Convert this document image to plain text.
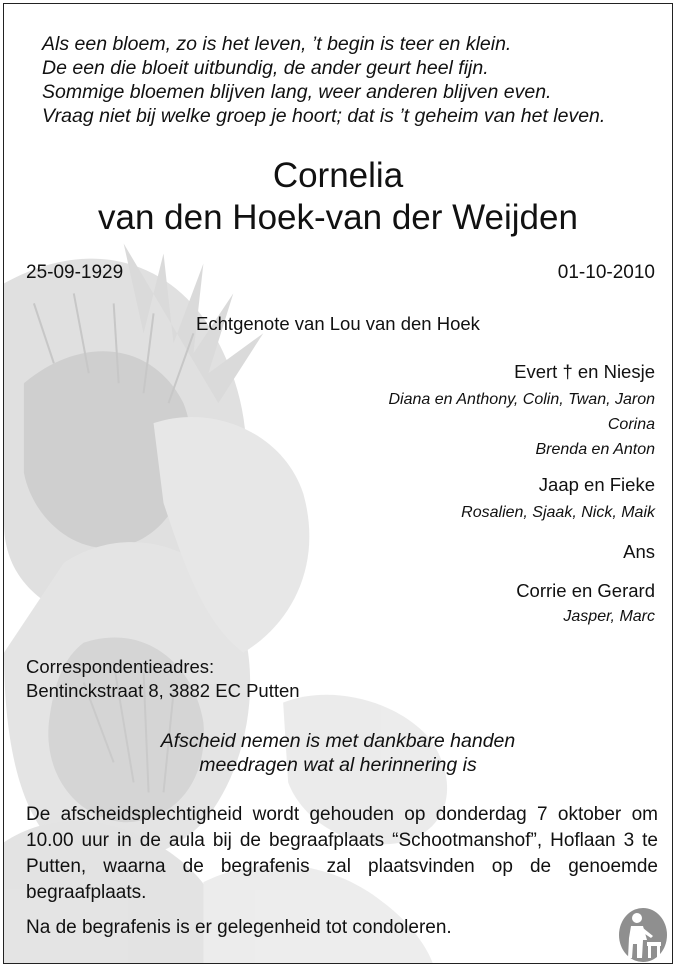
Als een bloem, zo is het leven, ’t begin is teer en klein.
De een die bloeit uitbundig, de ander geurt heel fijn.
Sommige bloemen blijven lang, weer anderen blijven even.
Vraag niet bij welke groep je hoort; dat is ’t geheim van het leven.
Cornelia
van den Hoek-van der Weijden
25-09-1929	01-10-2010
Echtgenote van Lou van den Hoek
Evert † en Niesje
Diana en Anthony, Colin, Twan, Jaron
Corina
Brenda en Anton
Jaap en Fieke
Rosalien, Sjaak, Nick, Maik
Ans
Corrie en Gerard
Jasper, Marc
Correspondentieadres:
Bentinckstraat 8, 3882 EC Putten
Afscheid nemen is met dankbare handen
meedragen wat al herinnering is
De afscheidsplechtigheid wordt gehouden op donderdag 7 oktober om 10.00 uur in de aula bij de begraafplaats “Schootmanshof”, Hoflaan 3 te Putten, waarna de begrafenis zal plaatsvinden op de genoemde begraafplaats.
Na de begrafenis is er gelegenheid tot condoleren.
